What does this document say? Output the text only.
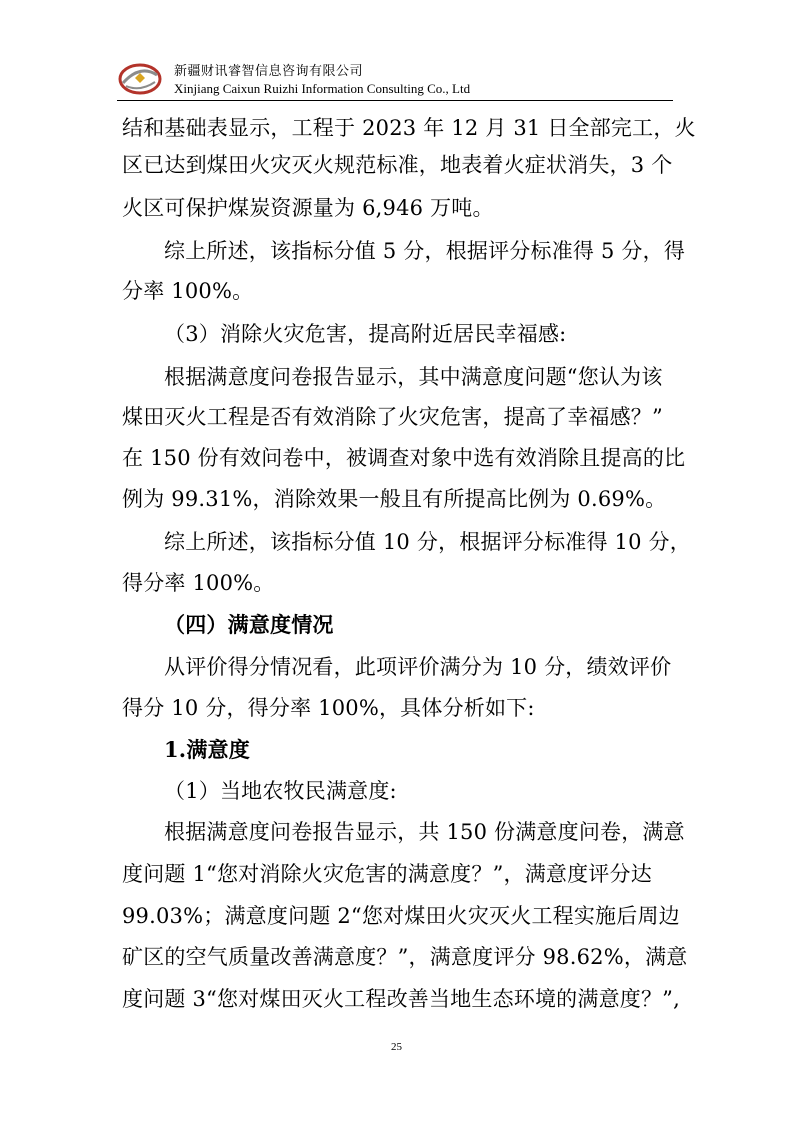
新疆财讯睿智信息咨询有限公司
Xinjiang Caixun Ruizhi Information Consulting Co., Ltd
结和基础表显示，工程于 2023 年 12 月 31 日全部完工，火
区已达到煤田火灾灭火规范标准，地表着火症状消失，3 个
火区可保护煤炭资源量为 6,946 万吨。
综上所述，该指标分值 5 分，根据评分标准得 5 分，得
分率 100%。
（3）消除火灾危害，提高附近居民幸福感:
根据满意度问卷报告显示，其中满意度问题“您认为该
煤田灭火工程是否有效消除了火灾危害，提高了幸福感？”
在 150 份有效问卷中，被调查对象中选有效消除且提高的比
例为 99.31%，消除效果一般且有所提高比例为 0.69%。
综上所述，该指标分值 10 分，根据评分标准得 10 分，
得分率 100%。
（四）满意度情况
从评价得分情况看，此项评价满分为 10 分，绩效评价
得分 10 分，得分率 100%，具体分析如下:
1.满意度
（1）当地农牧民满意度:
根据满意度问卷报告显示，共 150 份满意度问卷，满意
度问题 1“您对消除火灾危害的满意度？”，满意度评分达
99.03%；满意度问题 2“您对煤田火灾灭火工程实施后周边
矿区的空气质量改善满意度？”，满意度评分 98.62%，满意
度问题 3“您对煤田灭火工程改善当地生态环境的满意度？”,
25
